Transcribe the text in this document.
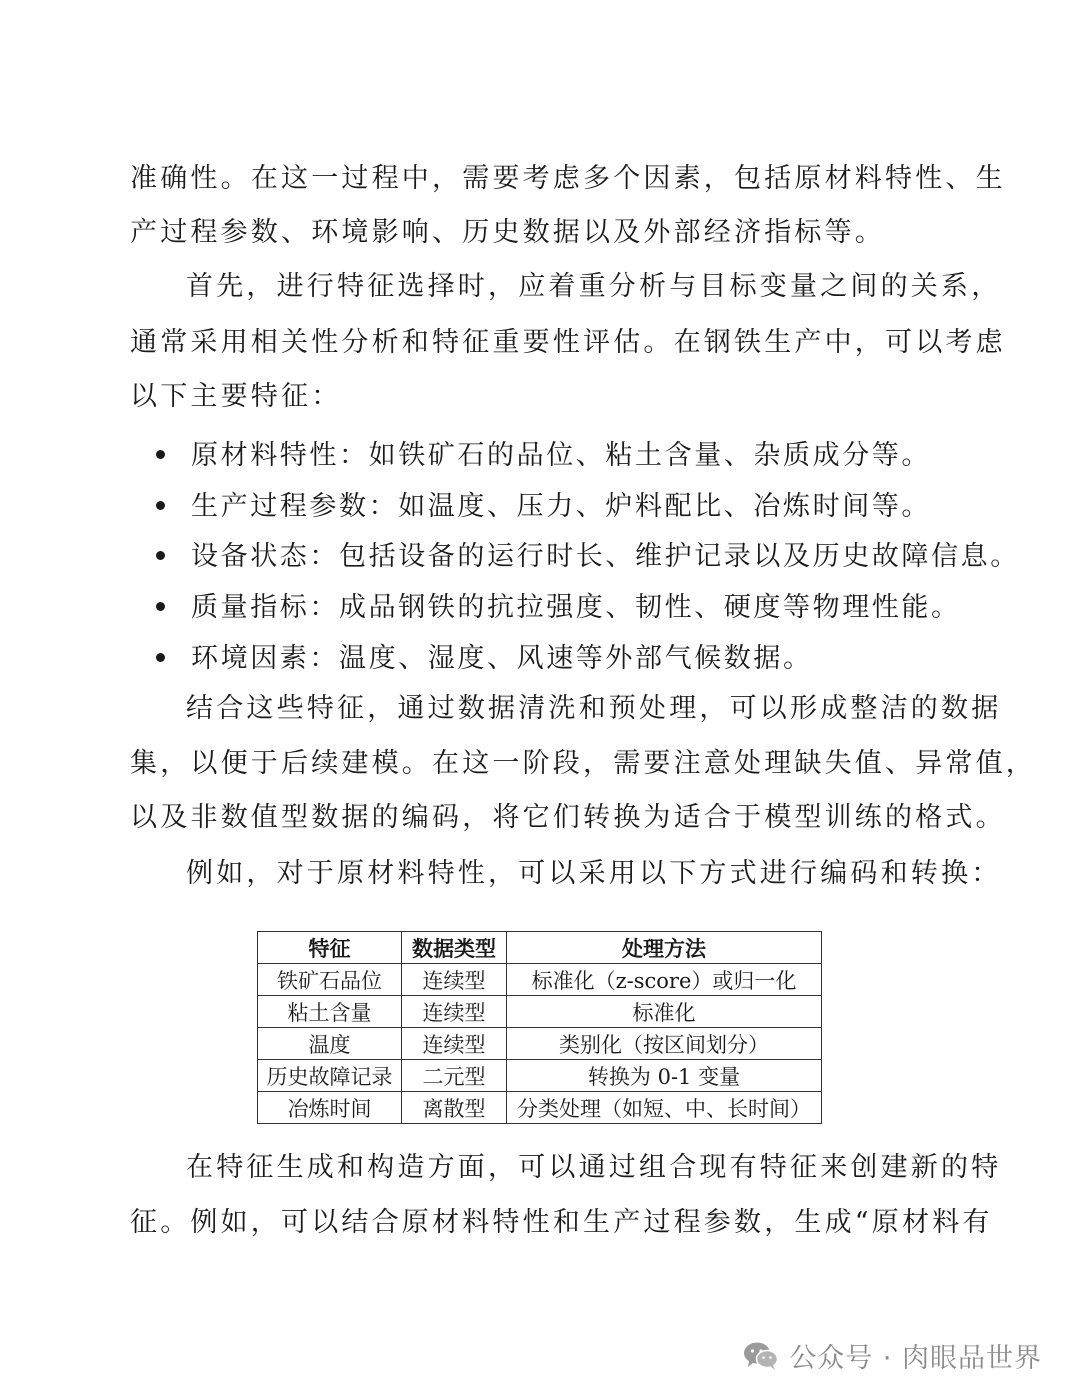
准确性。在这一过程中，需要考虑多个因素，包括原材料特性、生
产过程参数、环境影响、历史数据以及外部经济指标等。
首先，进行特征选择时，应着重分析与目标变量之间的关系，
通常采用相关性分析和特征重要性评估。在钢铁生产中，可以考虑
以下主要特征：
原材料特性：如铁矿石的品位、粘土含量、杂质成分等。
生产过程参数：如温度、压力、炉料配比、冶炼时间等。
设备状态：包括设备的运行时长、维护记录以及历史故障信息。
质量指标：成品钢铁的抗拉强度、韧性、硬度等物理性能。
环境因素：温度、湿度、风速等外部气候数据。
结合这些特征，通过数据清洗和预处理，可以形成整洁的数据
集，以便于后续建模。在这一阶段，需要注意处理缺失值、异常值，
以及非数值型数据的编码，将它们转换为适合于模型训练的格式。
例如，对于原材料特性，可以采用以下方式进行编码和转换：
特征	数据类型	处理方法
铁矿石品位	连续型	标准化（z-score）或归一化
粘土含量	连续型	标准化
温度	连续型	类别化（按区间划分）
历史故障记录	二元型	转换为 0-1 变量
冶炼时间	离散型	分类处理（如短、中、长时间）
在特征生成和构造方面，可以通过组合现有特征来创建新的特
征。例如，可以结合原材料特性和生产过程参数，生成“原材料有
公众号 · 肉眼品世界
